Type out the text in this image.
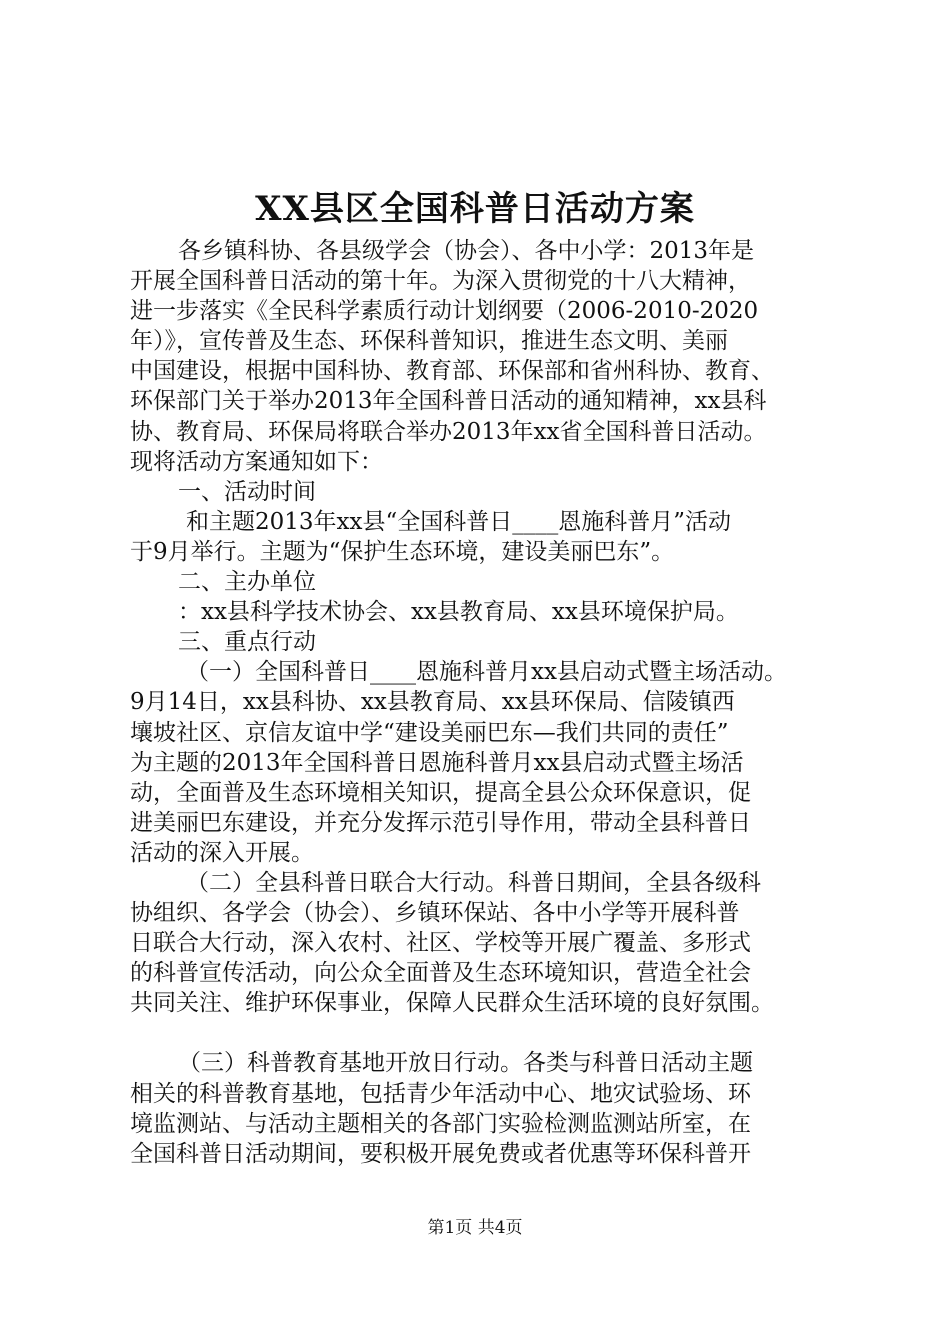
XX县区全国科普日活动方案
各乡镇科协、各县级学会（协会）、各中小学：2013年是
开展全国科普日活动的第十年。为深入贯彻党的十八大精神，
进一步落实《全民科学素质行动计划纲要（2006-2010-2020
年）》，宣传普及生态、环保科普知识，推进生态文明、美丽
中国建设，根据中国科协、教育部、环保部和省州科协、教育、
环保部门关于举办2013年全国科普日活动的通知精神，xx县科
协、教育局、环保局将联合举办2013年xx省全国科普日活动。
现将活动方案通知如下：
一、活动时间
和主题2013年xx县“全国科普日____恩施科普月”活动
于9月举行。主题为“保护生态环境，建设美丽巴东”。
二、主办单位
：xx县科学技术协会、xx县教育局、xx县环境保护局。
三、重点行动
（一）全国科普日____恩施科普月xx县启动式暨主场活动。
9月14日，xx县科协、xx县教育局、xx县环保局、信陵镇西
壤坡社区、京信友谊中学“建设美丽巴东—我们共同的责任”
为主题的2013年全国科普日恩施科普月xx县启动式暨主场活
动，全面普及生态环境相关知识，提高全县公众环保意识，促
进美丽巴东建设，并充分发挥示范引导作用，带动全县科普日
活动的深入开展。
（二）全县科普日联合大行动。科普日期间，全县各级科
协组织、各学会（协会）、乡镇环保站、各中小学等开展科普
日联合大行动，深入农村、社区、学校等开展广覆盖、多形式
的科普宣传活动，向公众全面普及生态环境知识，营造全社会
共同关注、维护环保事业，保障人民群众生活环境的良好氛围。
（三）科普教育基地开放日行动。各类与科普日活动主题
相关的科普教育基地，包括青少年活动中心、地灾试验场、环
境监测站、与活动主题相关的各部门实验检测监测站所室，在
全国科普日活动期间，要积极开展免费或者优惠等环保科普开
第1页 共4页
